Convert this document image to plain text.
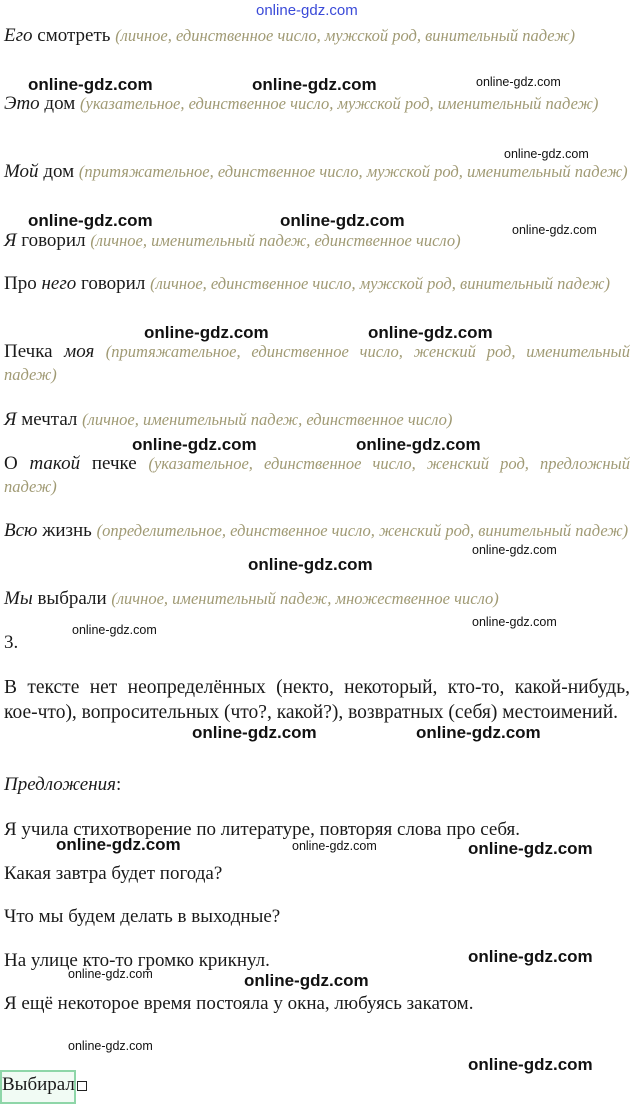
online-gdz.com
Его смотреть (личное, единственное число, мужской род, винительный падеж)
Это дом (указательное, единственное число, мужской род, именительный падеж)
Мой дом (притяжательное, единственное число, мужской род, именительный падеж)
Я говорил (личное, именительный падеж, единственное число)
Про него говорил (личное, единственное число, мужской род, винительный падеж)
Печка моя (притяжательное, единственное число, женский род, именительный падеж)
Я мечтал (личное, именительный падеж, единственное число)
О такой печке (указательное, единственное число, женский род, предложный падеж)
Всю жизнь (определительное, единственное число, женский род, винительный падеж)
Мы выбрали (личное, именительный падеж, множественное число)
3.
В тексте нет неопределённых (некто, некоторый, кто-то, какой-нибудь, кое-что), вопросительных (что?, какой?), возвратных (себя) местоимений.
Предложения:
Я учила стихотворение по литературе, повторяя слова про себя.
Какая завтра будет погода?
Что мы будем делать в выходные?
На улице кто-то громко крикнул.
Я ещё некоторое время постояла у окна, любуясь закатом.
Выбирал
online-gdz.com	online-gdz.com	online-gdz.com
online-gdz.com
online-gdz.com	online-gdz.com	online-gdz.com
online-gdz.com	online-gdz.com
online-gdz.com	online-gdz.com
online-gdz.com
online-gdz.com
online-gdz.com
online-gdz.com
online-gdz.com	online-gdz.com
online-gdz.com	online-gdz.com	online-gdz.com
online-gdz.com
online-gdz.com	online-gdz.com
online-gdz.com
online-gdz.com
